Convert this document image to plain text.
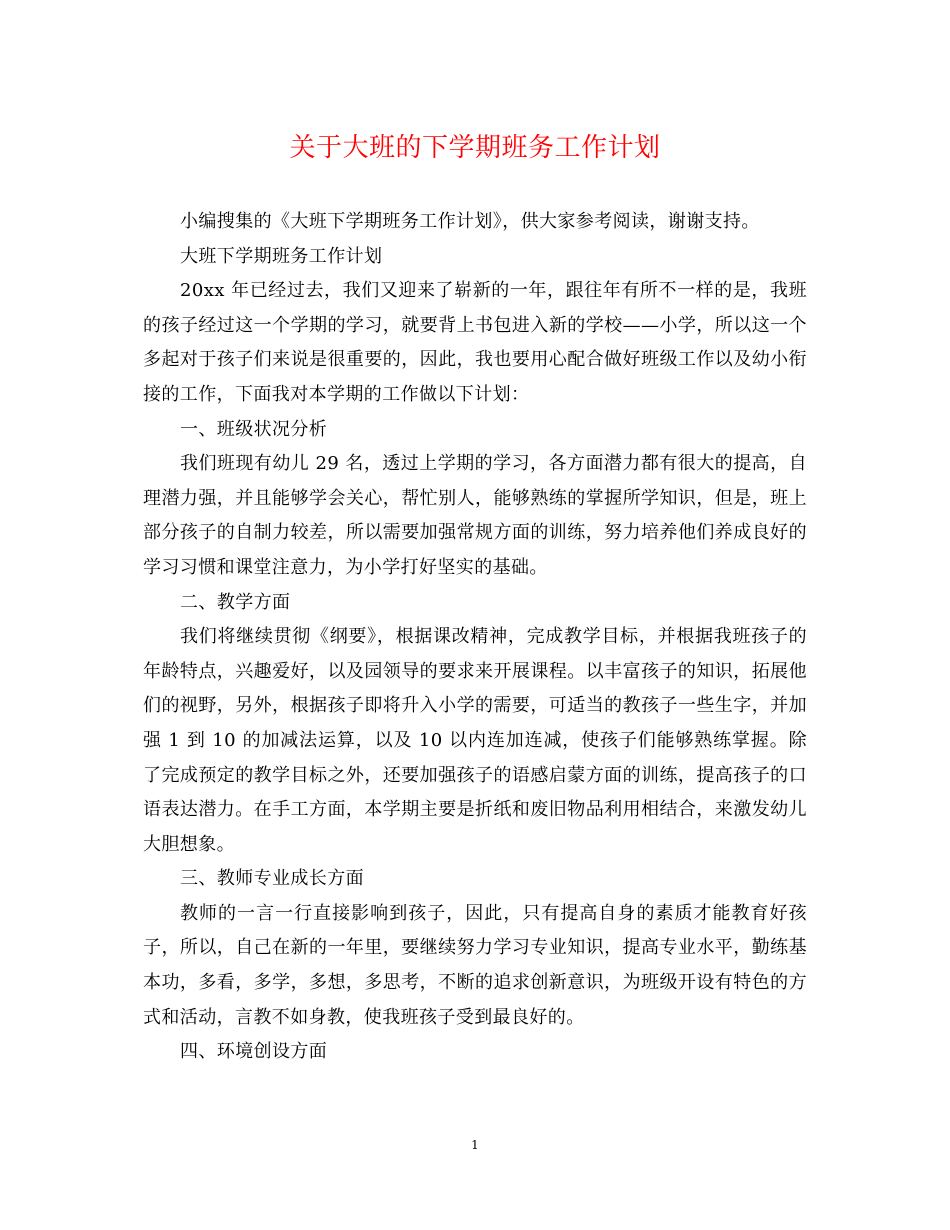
关于大班的下学期班务工作计划

小编搜集的《大班下学期班务工作计划》，供大家参考阅读，谢谢支持。

大班下学期班务工作计划

20xx 年已经过去，我们又迎来了崭新的一年，跟往年有所不一样的是，我班的孩子经过这一个学期的学习，就要背上书包进入新的学校——小学，所以这一个多起对于孩子们来说是很重要的，因此，我也要用心配合做好班级工作以及幼小衔接的工作，下面我对本学期的工作做以下计划：

一、班级状况分析

我们班现有幼儿 29 名，透过上学期的学习，各方面潜力都有很大的提高，自理潜力强，并且能够学会关心，帮忙别人，能够熟练的掌握所学知识，但是，班上部分孩子的自制力较差，所以需要加强常规方面的训练，努力培养他们养成良好的学习习惯和课堂注意力，为小学打好坚实的基础。

二、教学方面

我们将继续贯彻《纲要》，根据课改精神，完成教学目标，并根据我班孩子的年龄特点，兴趣爱好，以及园领导的要求来开展课程。以丰富孩子的知识，拓展他们的视野，另外，根据孩子即将升入小学的需要，可适当的教孩子一些生字，并加强 1 到 10 的加减法运算，以及 10 以内连加连减，使孩子们能够熟练掌握。除了完成预定的教学目标之外，还要加强孩子的语感启蒙方面的训练，提高孩子的口语表达潜力。在手工方面，本学期主要是折纸和废旧物品利用相结合，来激发幼儿大胆想象。

三、教师专业成长方面

教师的一言一行直接影响到孩子，因此，只有提高自身的素质才能教育好孩子，所以，自己在新的一年里，要继续努力学习专业知识，提高专业水平，勤练基本功，多看，多学，多想，多思考，不断的追求创新意识，为班级开设有特色的方式和活动，言教不如身教，使我班孩子受到最良好的。

四、环境创设方面

1
